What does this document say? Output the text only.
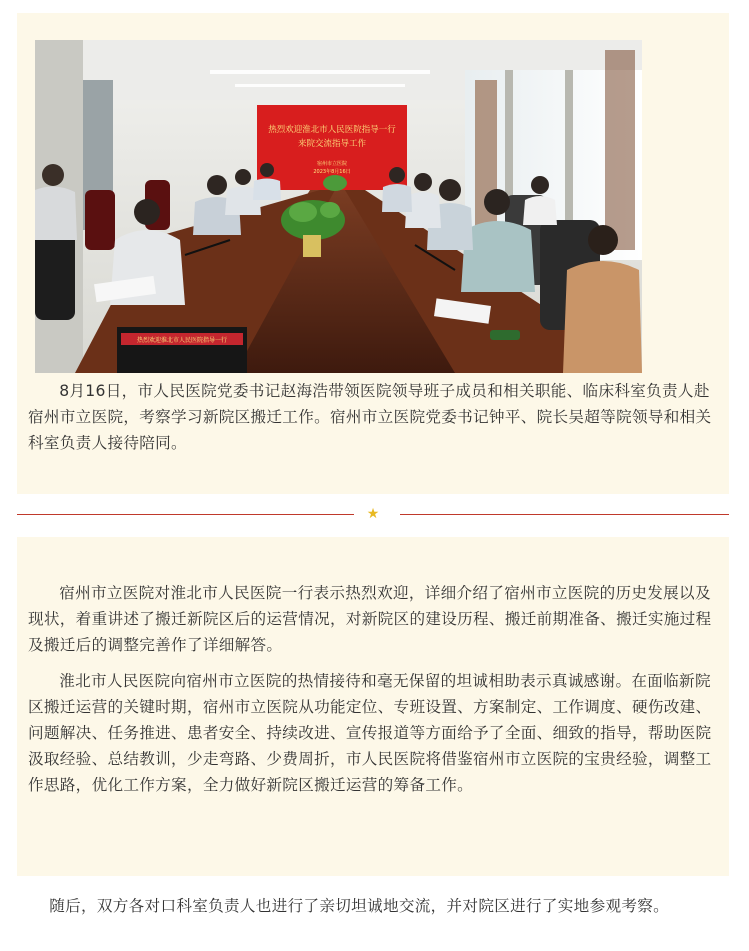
热烈欢迎淮北市人民医院指导一行
来院交流指导工作
宿州市立医院
2023年8月16日
热烈欢迎淮北市人民医院指导一行

8月16日，市人民医院党委书记赵海浩带领医院领导班子成员和相关职能、临床科室负责人赴宿州市立医院，考察学习新院区搬迁工作。宿州市立医院党委书记钟平、院长吴超等院领导和相关科室负责人接待陪同。

★

宿州市立医院对淮北市人民医院一行表示热烈欢迎，详细介绍了宿州市立医院的历史发展以及现状，着重讲述了搬迁新院区后的运营情况，对新院区的建设历程、搬迁前期准备、搬迁实施过程及搬迁后的调整完善作了详细解答。

淮北市人民医院向宿州市立医院的热情接待和毫无保留的坦诚相助表示真诚感谢。在面临新院区搬迁运营的关键时期，宿州市立医院从功能定位、专班设置、方案制定、工作调度、硬伤改建、问题解决、任务推进、患者安全、持续改进、宣传报道等方面给予了全面、细致的指导，帮助医院汲取经验、总结教训，少走弯路、少费周折，市人民医院将借鉴宿州市立医院的宝贵经验，调整工作思路，优化工作方案，全力做好新院区搬迁运营的筹备工作。

随后，双方各对口科室负责人也进行了亲切坦诚地交流，并对院区进行了实地参观考察。
